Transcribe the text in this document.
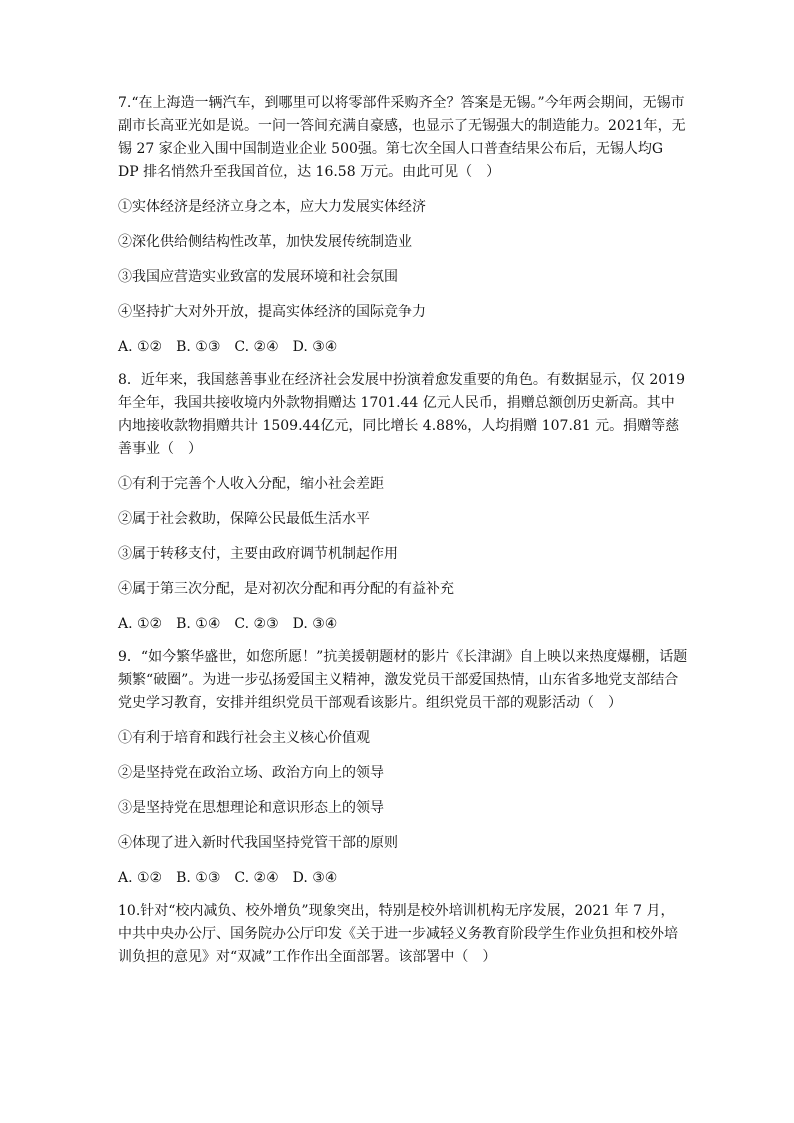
7.“在上海造一辆汽车，到哪里可以将零部件采购齐全？答案是无锡。”今年两会期间，无锡市副市长高亚光如是说。一问一答间充满自豪感，也显示了无锡强大的制造能力。2021年，无锡 27 家企业入围中国制造业企业 500强。第七次全国人口普查结果公布后，无锡人均G　DP 排名悄然升至我国首位，达 16.58 万元。由此可见（　）

①实体经济是经济立身之本，应大力发展实体经济

②深化供给侧结构性改革，加快发展传统制造业

③我国应营造实业致富的发展环境和社会氛围

④坚持扩大对外开放，提高实体经济的国际竞争力

A. ①②　B. ①③　C. ②④　D. ③④

8．近年来，我国慈善事业在经济社会发展中扮演着愈发重要的角色。有数据显示，仅 2019年全年，我国共接收境内外款物捐赠达 1701.44 亿元人民币，捐赠总额创历史新高。其中内地接收款物捐赠共计 1509.44亿元，同比增长 4.88%，人均捐赠 107.81 元。捐赠等慈善事业（　）

①有利于完善个人收入分配，缩小社会差距

②属于社会救助，保障公民最低生活水平

③属于转移支付，主要由政府调节机制起作用

④属于第三次分配，是对初次分配和再分配的有益补充

A. ①②　B. ①④　C. ②③　D. ③④

9．“如今繁华盛世，如您所愿！”抗美援朝题材的影片《长津湖》自上映以来热度爆棚，话题频繁“破圈”。为进一步弘扬爱国主义精神，激发党员干部爱国热情，山东省多地党支部结合党史学习教育，安排并组织党员干部观看该影片。组织党员干部的观影活动（　）

①有利于培育和践行社会主义核心价值观

②是坚持党在政治立场、政治方向上的领导

③是坚持党在思想理论和意识形态上的领导

④体现了进入新时代我国坚持党管干部的原则

A. ①②　B. ①③　C. ②④　D. ③④

10.针对“校内减负、校外增负”现象突出，特别是校外培训机构无序发展，2021 年 7 月，中共中央办公厅、国务院办公厅印发《关于进一步减轻义务教育阶段学生作业负担和校外培训负担的意见》对“双减”工作作出全面部署。该部署中（　）
